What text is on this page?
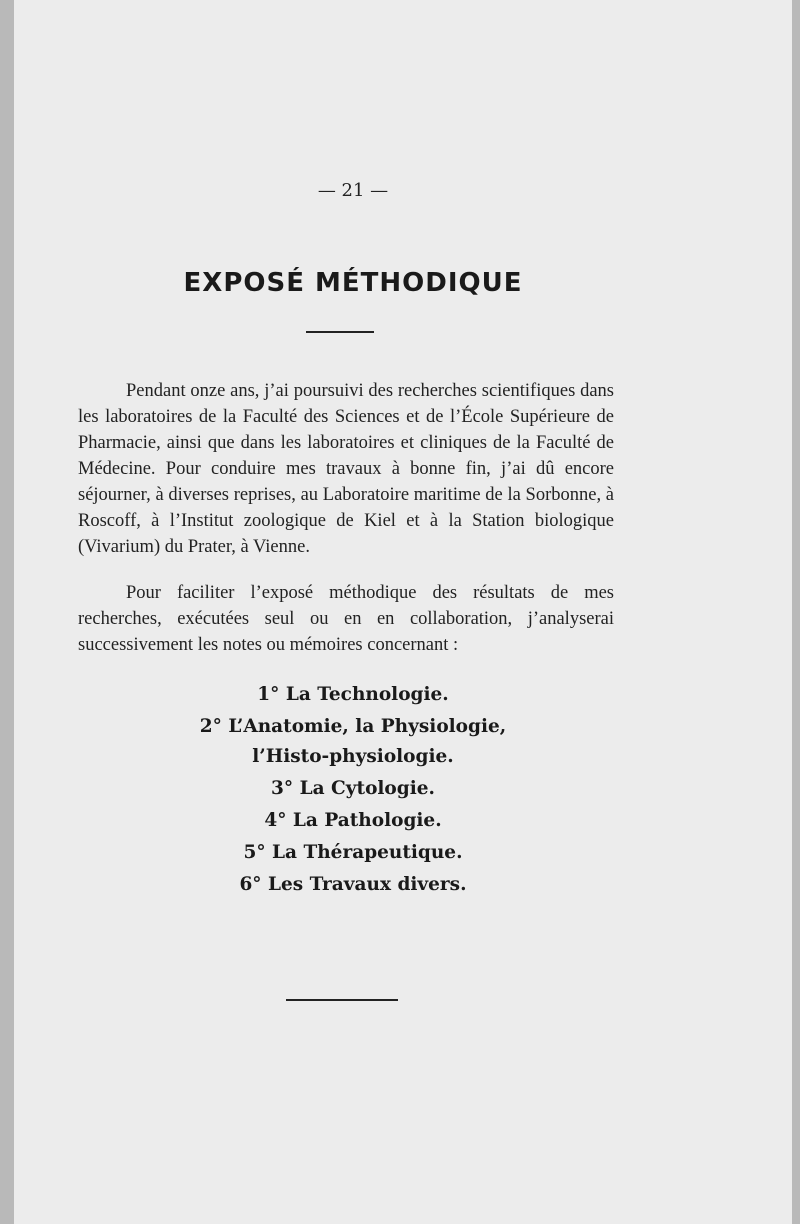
— 21 —
EXPOSÉ MÉTHODIQUE

Pendant onze ans, j’ai poursuivi des recherches scientifiques dans les laboratoires de la Faculté des Sciences et de l’École Supérieure de Pharmacie, ainsi que dans les laboratoires et cliniques de la Faculté de Médecine. Pour conduire mes travaux à bonne fin, j’ai dû encore séjourner, à diverses reprises, au Laboratoire maritime de la Sorbonne, à Roscoff, à l’Institut zoologique de Kiel et à la Station biologique (Vivarium) du Prater, à Vienne.

Pour faciliter l’exposé méthodique des résultats de mes recherches, exécutées seul ou en en collaboration, j’analyserai successivement les notes ou mémoires concernant :

1° La Technologie.
2° L’Anatomie, la Physiologie,
l’Histo-physiologie.
3° La Cytologie.
4° La Pathologie.
5° La Thérapeutique.
6° Les Travaux divers.
